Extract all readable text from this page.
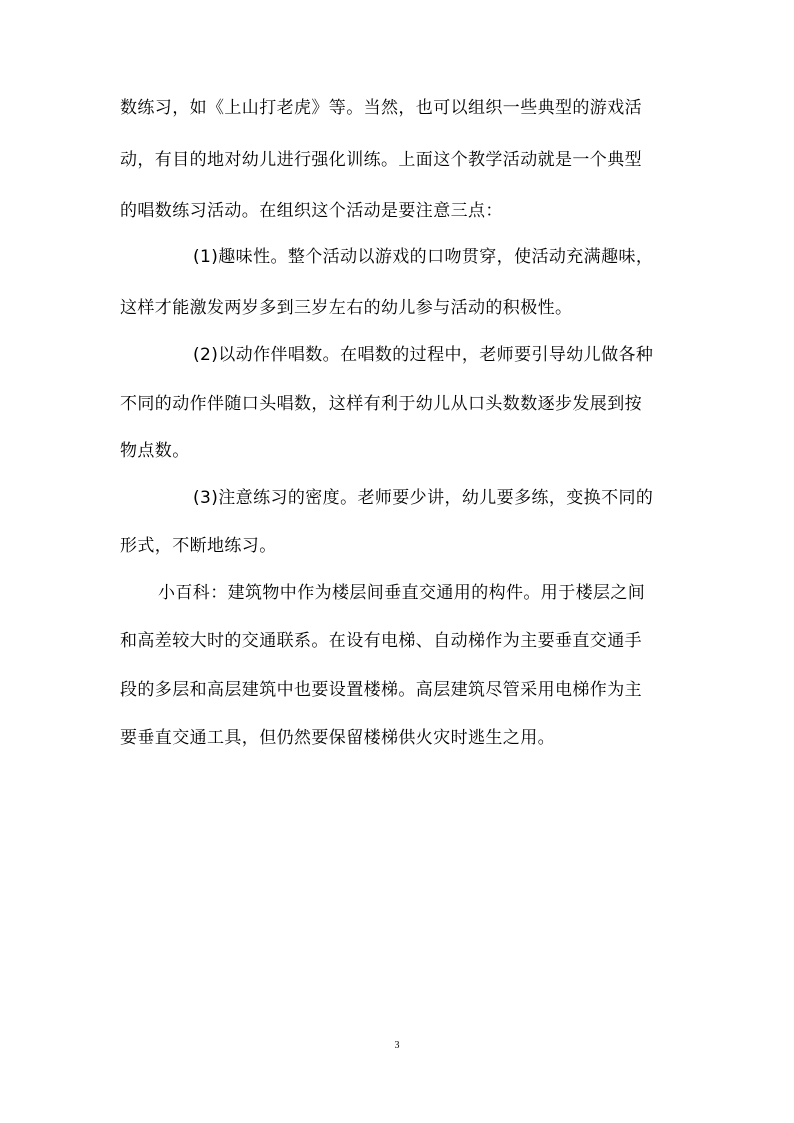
数练习，如《上山打老虎》等。当然，也可以组织一些典型的游戏活
动，有目的地对幼儿进行强化训练。上面这个教学活动就是一个典型
的唱数练习活动。在组织这个活动是要注意三点：
(1)趣味性。整个活动以游戏的口吻贯穿，使活动充满趣味，
这样才能激发两岁多到三岁左右的幼儿参与活动的积极性。
(2)以动作伴唱数。在唱数的过程中，老师要引导幼儿做各种
不同的动作伴随口头唱数，这样有利于幼儿从口头数数逐步发展到按
物点数。
(3)注意练习的密度。老师要少讲，幼儿要多练，变换不同的
形式，不断地练习。
小百科：建筑物中作为楼层间垂直交通用的构件。用于楼层之间
和高差较大时的交通联系。在设有电梯、自动梯作为主要垂直交通手
段的多层和高层建筑中也要设置楼梯。高层建筑尽管采用电梯作为主
要垂直交通工具，但仍然要保留楼梯供火灾时逃生之用。
3
